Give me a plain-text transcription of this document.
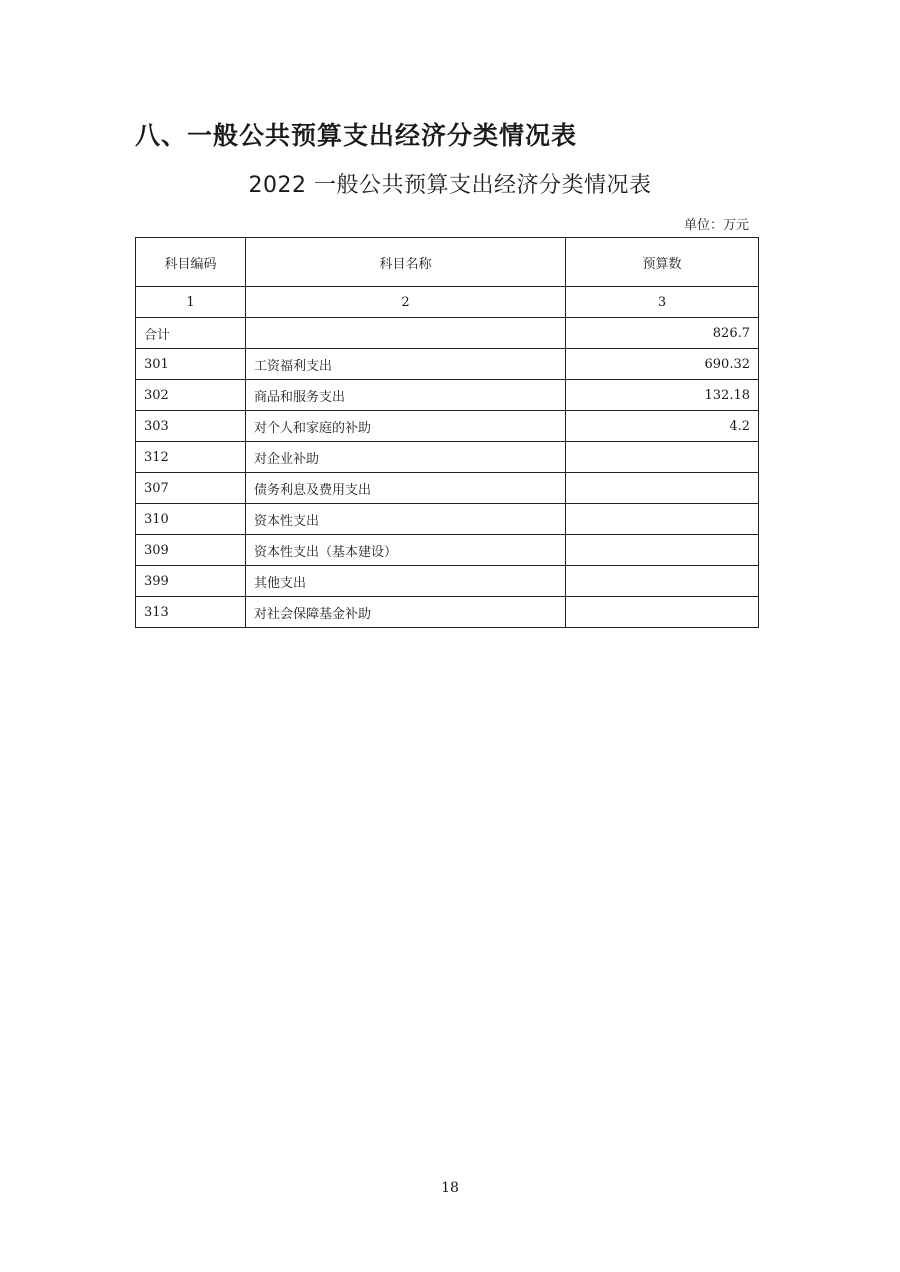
八、一般公共预算支出经济分类情况表
2022 一般公共预算支出经济分类情况表
单位：万元
科目编码	科目名称	预算数
1	2	3
合计		826.7
301	工资福利支出	690.32
302	商品和服务支出	132.18
303	对个人和家庭的补助	4.2
312	对企业补助	
307	债务利息及费用支出	
310	资本性支出	
309	资本性支出（基本建设）	
399	其他支出	
313	对社会保障基金补助	
18
